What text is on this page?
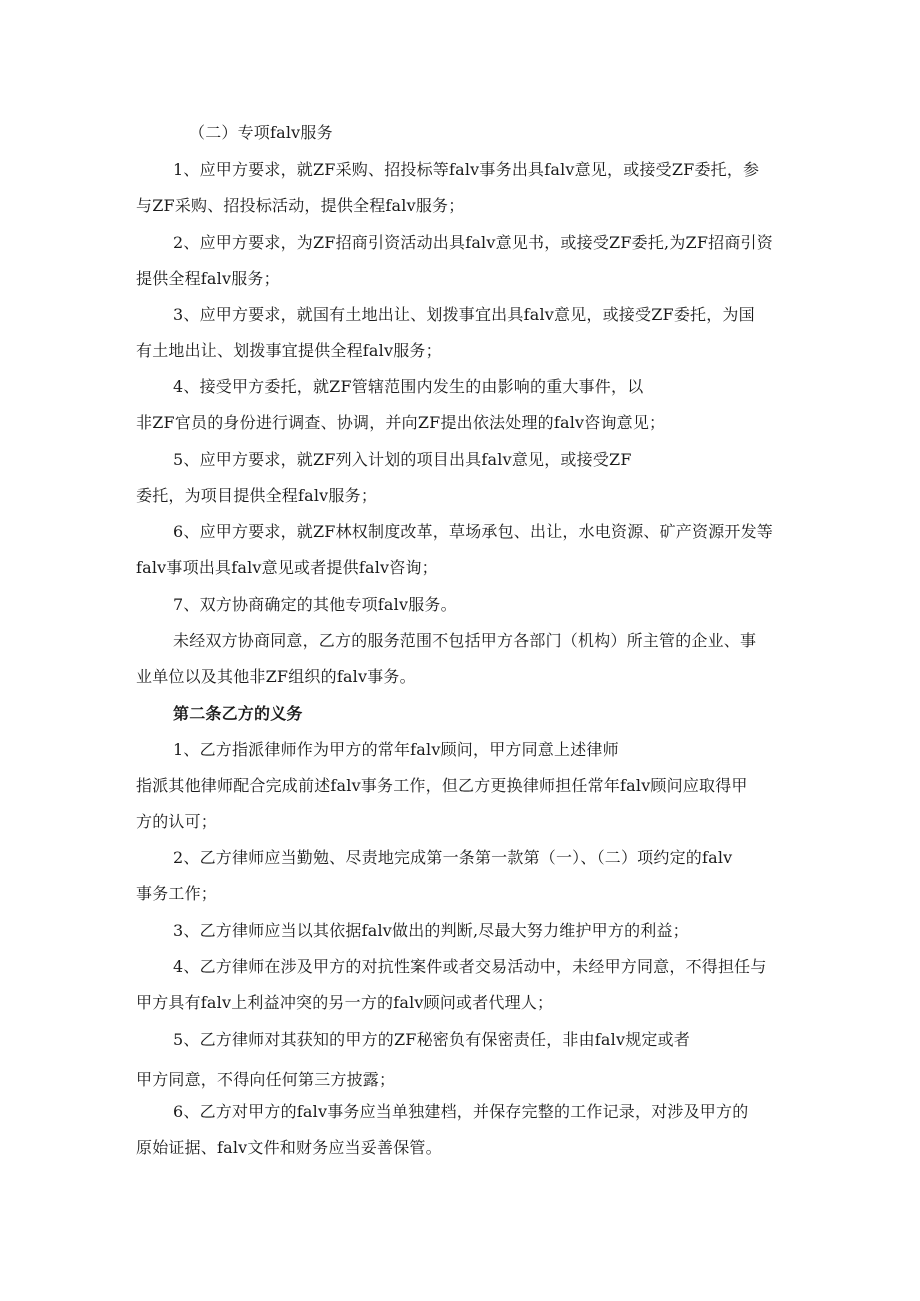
（二）专项falv服务
1、应甲方要求，就ZF采购、招投标等falv事务出具falv意见，或接受ZF委托，参
与ZF采购、招投标活动，提供全程falv服务；
2、应甲方要求，为ZF招商引资活动出具falv意见书，或接受ZF委托,为ZF招商引资
提供全程falv服务；
3、应甲方要求，就国有土地出让、划拨事宜出具falv意见，或接受ZF委托，为国
有土地出让、划拨事宜提供全程falv服务；
4、接受甲方委托，就ZF管辖范围内发生的由影响的重大事件，以
非ZF官员的身份进行调查、协调，并向ZF提出依法处理的falv咨询意见；
5、应甲方要求，就ZF列入计划的项目出具falv意见，或接受ZF
委托，为项目提供全程falv服务；
6、应甲方要求，就ZF林权制度改革，草场承包、出让，水电资源、矿产资源开发等
falv事项出具falv意见或者提供falv咨询；
7、双方协商确定的其他专项falv服务。
未经双方协商同意，乙方的服务范围不包括甲方各部门（机构）所主管的企业、事
业单位以及其他非ZF组织的falv事务。
第二条乙方的义务
1、乙方指派律师作为甲方的常年falv顾问，甲方同意上述律师
指派其他律师配合完成前述falv事务工作，但乙方更换律师担任常年falv顾问应取得甲
方的认可；
2、乙方律师应当勤勉、尽责地完成第一条第一款第（一）、（二）项约定的falv
事务工作；
3、乙方律师应当以其依据falv做出的判断,尽最大努力维护甲方的利益；
4、乙方律师在涉及甲方的对抗性案件或者交易活动中，未经甲方同意，不得担任与
甲方具有falv上利益冲突的另一方的falv顾问或者代理人；
5、乙方律师对其获知的甲方的ZF秘密负有保密责任，非由falv规定或者
甲方同意，不得向任何第三方披露；
6、乙方对甲方的falv事务应当单独建档，并保存完整的工作记录，对涉及甲方的
原始证据、falv文件和财务应当妥善保管。
